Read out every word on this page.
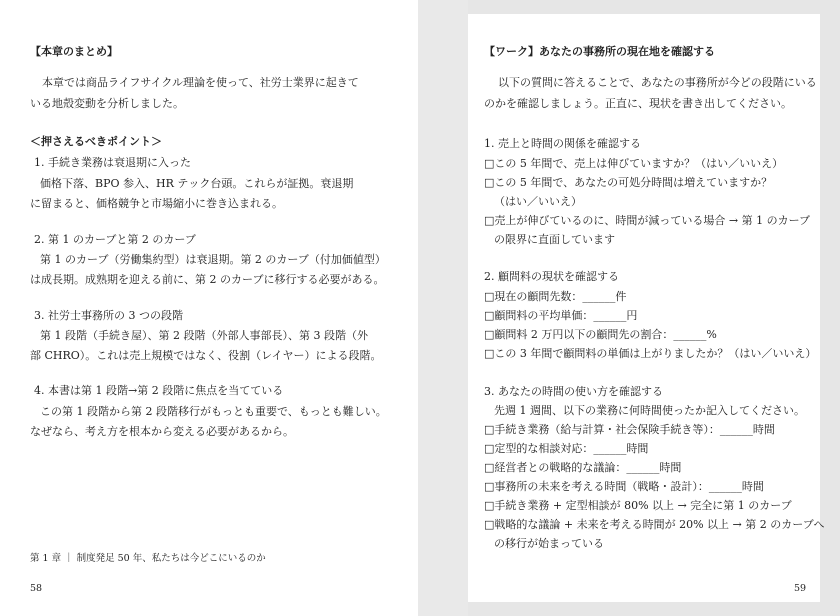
【本章のまとめ】
本章では商品ライフサイクル理論を使って、社労士業界に起きて
いる地殻変動を分析しました。
＜押さえるべきポイント＞
1. 手続き業務は衰退期に入った
価格下落、BPO 参入、HR テック台頭。これらが証拠。衰退期
に留まると、価格競争と市場縮小に巻き込まれる。
2. 第 1 のカーブと第 2 のカーブ
第 1 のカーブ（労働集約型）は衰退期。第 2 のカーブ（付加価値型）
は成長期。成熟期を迎える前に、第 2 のカーブに移行する必要がある。
3. 社労士事務所の 3 つの段階
第 1 段階（手続き屋）、第 2 段階（外部人事部長）、第 3 段階（外
部 CHRO）。これは売上規模ではなく、役割（レイヤー）による段階。
4. 本書は第 1 段階→第 2 段階に焦点を当てている
この第 1 段階から第 2 段階移行がもっとも重要で、もっとも難しい。
なぜなら、考え方を根本から変える必要があるから。
第 1 章 ｜ 制度発足 50 年、私たちは今どこにいるのか
58
【ワーク】あなたの事務所の現在地を確認する
以下の質問に答えることで、あなたの事務所が今どの段階にいる
のかを確認しましょう。正直に、現状を書き出してください。
1. 売上と時間の関係を確認する
□この 5 年間で、売上は伸びていますか？（はい／いいえ）
□この 5 年間で、あなたの可処分時間は増えていますか？
（はい／いいえ）
□売上が伸びているのに、時間が減っている場合 → 第 1 のカーブ
の限界に直面しています
2. 顧問料の現状を確認する
□現在の顧問先数：______件
□顧問料の平均単価：______円
□顧問料 2 万円以下の顧問先の割合：______%
□この 3 年間で顧問料の単価は上がりましたか？（はい／いいえ）
3. あなたの時間の使い方を確認する
先週 1 週間、以下の業務に何時間使ったか記入してください。
□手続き業務（給与計算・社会保険手続き等）：______時間
□定型的な相談対応：______時間
□経営者との戦略的な議論：______時間
□事務所の未来を考える時間（戦略・設計）：______時間
□手続き業務 + 定型相談が 80% 以上 → 完全に第 1 のカーブ
□戦略的な議論 + 未来を考える時間が 20% 以上 → 第 2 のカーブへ
の移行が始まっている
59
